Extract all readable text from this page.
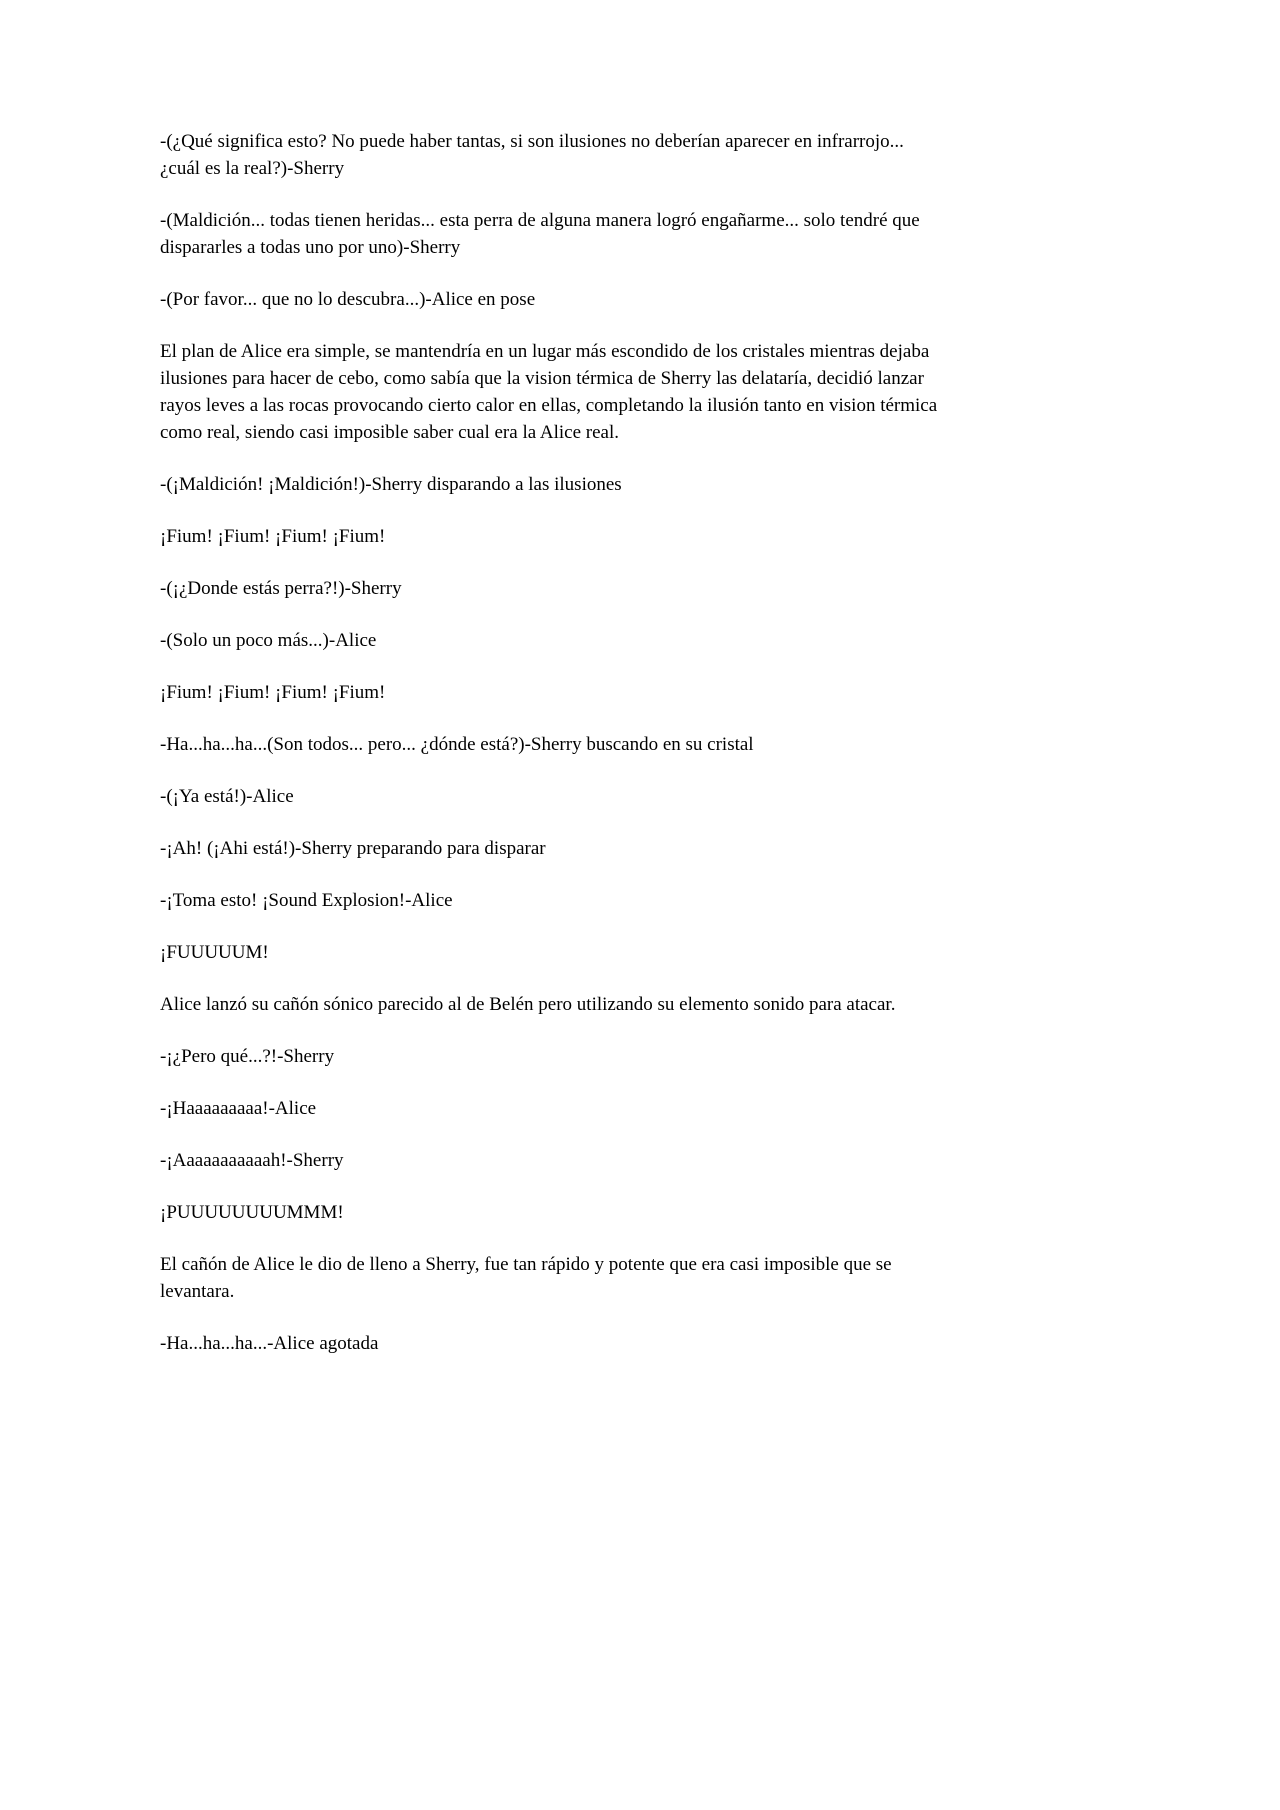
-(¿Qué significa esto? No puede haber tantas, si son ilusiones no deberían aparecer en infrarrojo... ¿cuál es la real?)-Sherry

-(Maldición... todas tienen heridas... esta perra de alguna manera logró engañarme... solo tendré que dispararles a todas uno por uno)-Sherry

-(Por favor... que no lo descubra...)-Alice en pose

El plan de Alice era simple, se mantendría en un lugar más escondido de los cristales mientras dejaba ilusiones para hacer de cebo, como sabía que la vision térmica de Sherry las delataría, decidió lanzar rayos leves a las rocas provocando cierto calor en ellas, completando la ilusión tanto en vision térmica como real, siendo casi imposible saber cual era la Alice real.

-(¡Maldición! ¡Maldición!)-Sherry disparando a las ilusiones

¡Fium! ¡Fium! ¡Fium! ¡Fium!

-(¡¿Donde estás perra?!)-Sherry

-(Solo un poco más...)-Alice

¡Fium! ¡Fium! ¡Fium! ¡Fium!

-Ha...ha...ha...(Son todos... pero... ¿dónde está?)-Sherry buscando en su cristal

-(¡Ya está!)-Alice

-¡Ah! (¡Ahi está!)-Sherry preparando para disparar

-¡Toma esto! ¡Sound Explosion!-Alice

¡FUUUUUM!

Alice lanzó su cañón sónico parecido al de Belén pero utilizando su elemento sonido para atacar.

-¡¿Pero qué...?!-Sherry

-¡Haaaaaaaaa!-Alice

-¡Aaaaaaaaaaah!-Sherry

¡PUUUUUUUUMMM!

El cañón de Alice le dio de lleno a Sherry, fue tan rápido y potente que era casi imposible que se levantara.

-Ha...ha...ha...-Alice agotada
